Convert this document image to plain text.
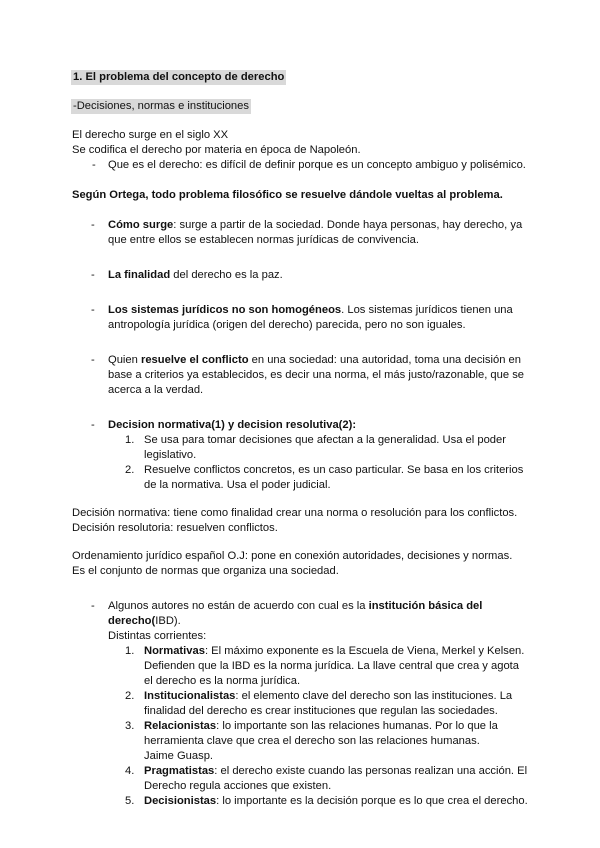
1. El problema del concepto de derecho
-Decisiones, normas e instituciones
El derecho surge en el siglo XX
Se codifica el derecho por materia en época de Napoleón.
- Que es el derecho: es difícil de definir porque es un concepto ambiguo y polisémico.
Según Ortega, todo problema filosófico se resuelve dándole vueltas al problema.
- Cómo surge: surge a partir de la sociedad. Donde haya personas, hay derecho, ya que entre ellos se establecen normas jurídicas de convivencia.
- La finalidad del derecho es la paz.
- Los sistemas jurídicos no son homogéneos. Los sistemas jurídicos tienen una antropología jurídica (origen del derecho) parecida, pero no son iguales.
- Quien resuelve el conflicto en una sociedad: una autoridad, toma una decisión en base a criterios ya establecidos, es decir una norma, el más justo/razonable, que se acerca a la verdad.
- Decision normativa(1) y decision resolutiva(2):
1. Se usa para tomar decisiones que afectan a la generalidad. Usa el poder legislativo.
2. Resuelve conflictos concretos, es un caso particular. Se basa en los criterios de la normativa. Usa el poder judicial.
Decisión normativa: tiene como finalidad crear una norma o resolución para los conflictos.
Decisión resolutoria: resuelven conflictos.
Ordenamiento jurídico español O.J: pone en conexión autoridades, decisiones y normas.
Es el conjunto de normas que organiza una sociedad.
- Algunos autores no están de acuerdo con cual es la institución básica del
derecho(IBD).
Distintas corrientes:
1. Normativas: El máximo exponente es la Escuela de Viena, Merkel y Kelsen.
Defienden que la IBD es la norma jurídica. La llave central que crea y agota
el derecho es la norma jurídica.
2. Institucionalistas: el elemento clave del derecho son las instituciones. La
finalidad del derecho es crear instituciones que regulan las sociedades.
3. Relacionistas: lo importante son las relaciones humanas. Por lo que la
herramienta clave que crea el derecho son las relaciones humanas.
Jaime Guasp.
4. Pragmatistas: el derecho existe cuando las personas realizan una acción. El
Derecho regula acciones que existen.
5. Decisionistas: lo importante es la decisión porque es lo que crea el derecho.
